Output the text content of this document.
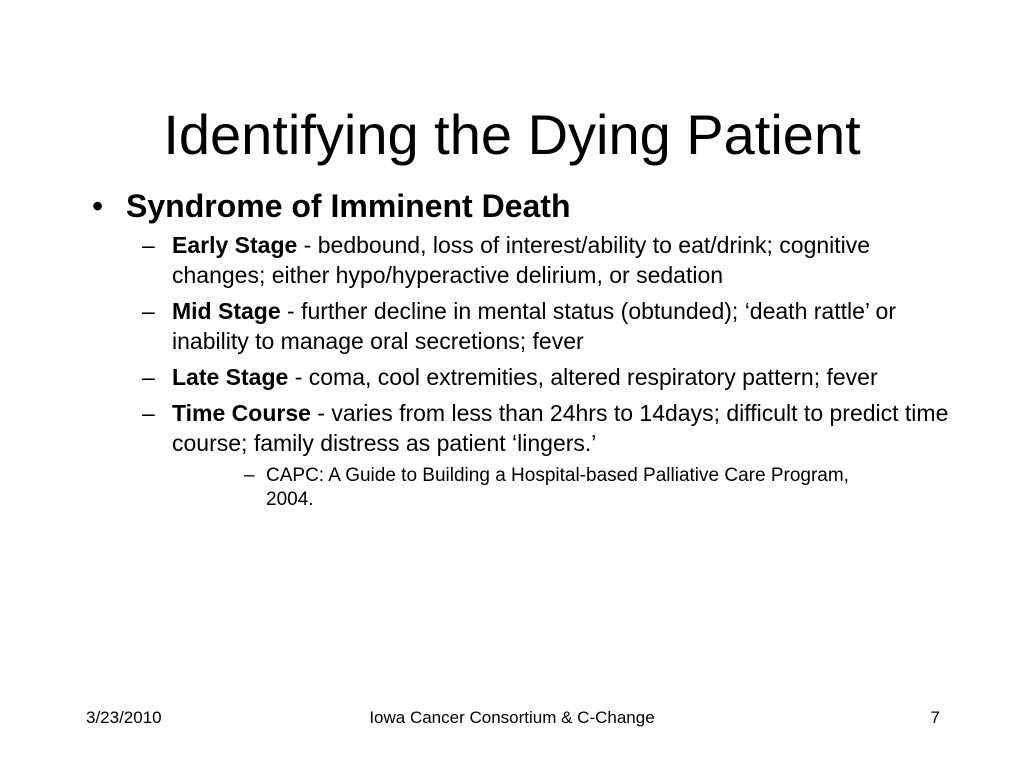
Identifying the Dying Patient
• Syndrome of Imminent Death
– Early Stage - bedbound, loss of interest/ability to eat/drink; cognitive changes; either hypo/hyperactive delirium, or sedation
– Mid Stage - further decline in mental status (obtunded); ‘death rattle’ or inability to manage oral secretions; fever
– Late Stage - coma, cool extremities, altered respiratory pattern; fever
– Time Course - varies from less than 24hrs to 14days; difficult to predict time course; family distress as patient ‘lingers.’
– CAPC: A Guide to Building a Hospital-based Palliative Care Program, 2004.
3/23/2010	Iowa Cancer Consortium & C-Change	7
